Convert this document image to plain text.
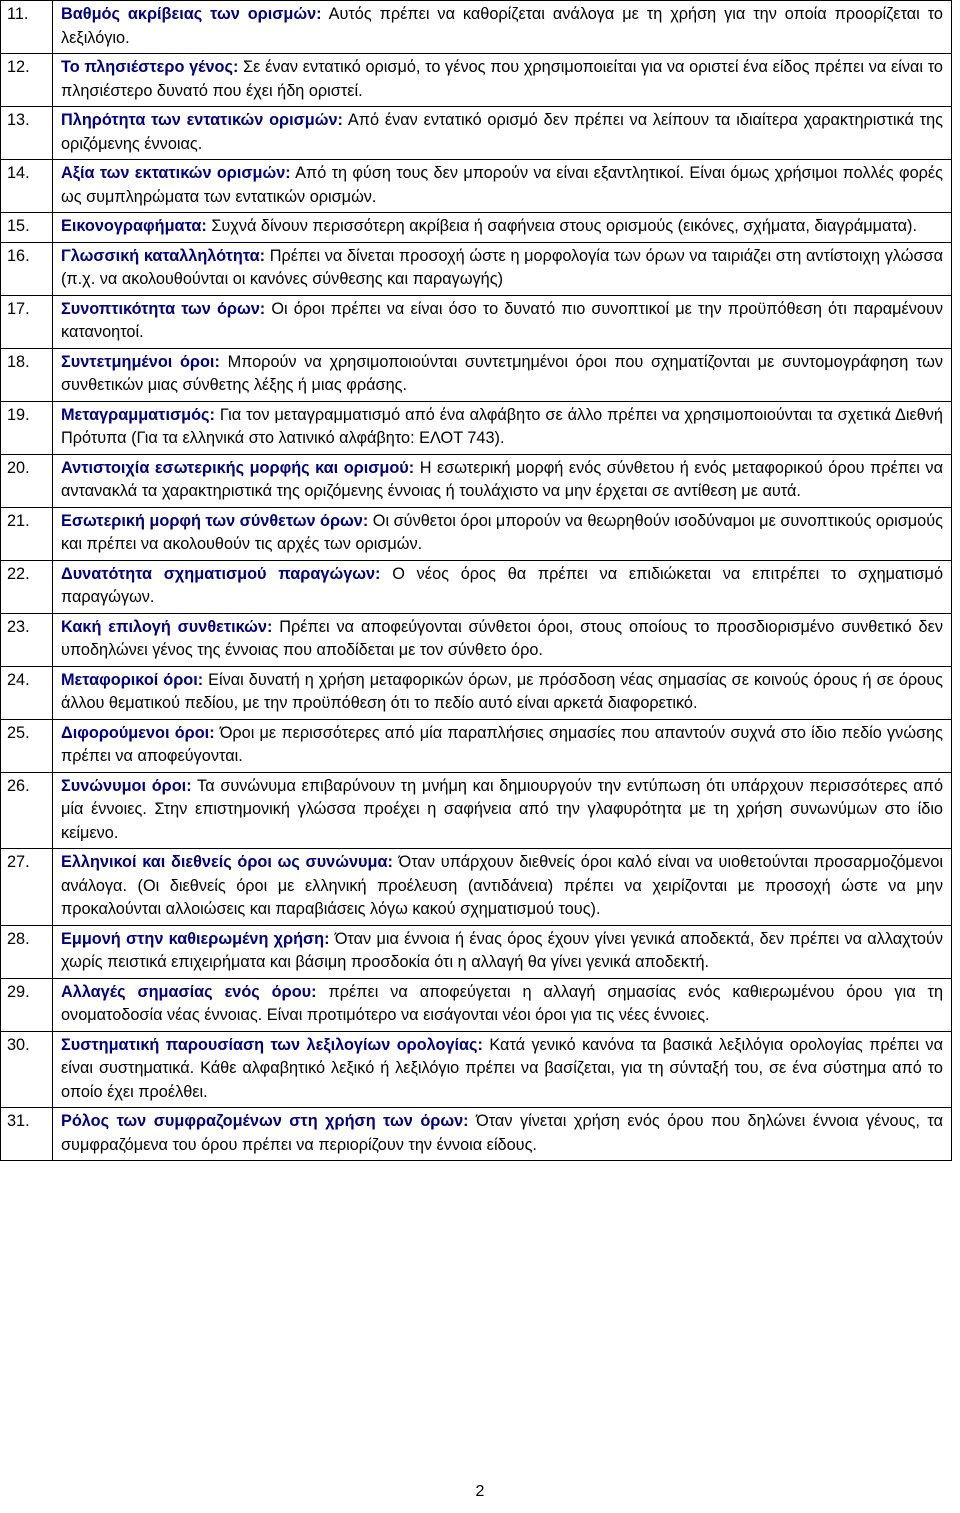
11.	Βαθμός ακρίβειας των ορισμών: Αυτός πρέπει να καθορίζεται ανάλογα με τη χρήση για την οποία προορίζεται το λεξιλόγιο.
12.	Το πλησιέστερο γένος: Σε έναν εντατικό ορισμό, το γένος που χρησιμοποιείται για να οριστεί ένα είδος πρέπει να είναι το πλησιέστερο δυνατό που έχει ήδη οριστεί.
13.	Πληρότητα των εντατικών ορισμών: Από έναν εντατικό ορισμό δεν πρέπει να λείπουν τα ιδιαίτερα χαρακτηριστικά της οριζόμενης έννοιας.
14.	Αξία των εκτατικών ορισμών: Από τη φύση τους δεν μπορούν να είναι εξαντλητικοί. Είναι όμως χρήσιμοι πολλές φορές ως συμπληρώματα των εντατικών ορισμών.
15.	Εικονογραφήματα: Συχνά δίνουν περισσότερη ακρίβεια ή σαφήνεια στους ορισμούς (εικόνες, σχήματα, διαγράμματα).
16.	Γλωσσική καταλληλότητα: Πρέπει να δίνεται προσοχή ώστε η μορφολογία των όρων να ταιριάζει στη αντίστοιχη γλώσσα (π.χ. να ακολουθούνται οι κανόνες σύνθεσης και παραγωγής)
17.	Συνοπτικότητα των όρων: Οι όροι πρέπει να είναι όσο το δυνατό πιο συνοπτικοί με την προϋπόθεση ότι παραμένουν κατανοητοί.
18.	Συντετμημένοι όροι: Μπορούν να χρησιμοποιούνται συντετμημένοι όροι που σχηματίζονται με συντομογράφηση των συνθετικών μιας σύνθετης λέξης ή μιας φράσης.
19.	Μεταγραμματισμός: Για τον μεταγραμματισμό από ένα αλφάβητο σε άλλο πρέπει να χρησιμοποιούνται τα σχετικά Διεθνή Πρότυπα (Για τα ελληνικά στο λατινικό αλφάβητο: ΕΛΟΤ 743).
20.	Αντιστοιχία εσωτερικής μορφής και ορισμού: Η εσωτερική μορφή ενός σύνθετου ή ενός μεταφορικού όρου πρέπει να αντανακλά τα χαρακτηριστικά της οριζόμενης έννοιας ή τουλάχιστο να μην έρχεται σε αντίθεση με αυτά.
21.	Εσωτερική μορφή των σύνθετων όρων: Οι σύνθετοι όροι μπορούν να θεωρηθούν ισοδύναμοι με συνοπτικούς ορισμούς και πρέπει να ακολουθούν τις αρχές των ορισμών.
22.	Δυνατότητα σχηματισμού παραγώγων: Ο νέος όρος θα πρέπει να επιδιώκεται να επιτρέπει το σχηματισμό παραγώγων.
23.	Κακή επιλογή συνθετικών: Πρέπει να αποφεύγονται σύνθετοι όροι, στους οποίους το προσδιορισμένο συνθετικό δεν υποδηλώνει γένος της έννοιας που αποδίδεται με τον σύνθετο όρο.
24.	Μεταφορικοί όροι: Είναι δυνατή η χρήση μεταφορικών όρων, με πρόσδοση νέας σημασίας σε κοινούς όρους ή σε όρους άλλου θεματικού πεδίου, με την προϋπόθεση ότι το πεδίο αυτό είναι αρκετά διαφορετικό.
25.	Διφορούμενοι όροι: Όροι με περισσότερες από μία παραπλήσιες σημασίες που απαντούν συχνά στο ίδιο πεδίο γνώσης πρέπει να αποφεύγονται.
26.	Συνώνυμοι όροι: Τα συνώνυμα επιβαρύνουν τη μνήμη και δημιουργούν την εντύπωση ότι υπάρχουν περισσότερες από μία έννοιες. Στην επιστημονική γλώσσα προέχει η σαφήνεια από την γλαφυρότητα με τη χρήση συνωνύμων στο ίδιο κείμενο.
27.	Ελληνικοί και διεθνείς όροι ως συνώνυμα: Όταν υπάρχουν διεθνείς όροι καλό είναι να υιοθετούνται προσαρμοζόμενοι ανάλογα. (Οι διεθνείς όροι με ελληνική προέλευση (αντιδάνεια) πρέπει να χειρίζονται με προσοχή ώστε να μην προκαλούνται αλλοιώσεις και παραβιάσεις λόγω κακού σχηματισμού τους).
28.	Εμμονή στην καθιερωμένη χρήση: Όταν μια έννοια ή ένας όρος έχουν γίνει γενικά αποδεκτά, δεν πρέπει να αλλαχτούν χωρίς πειστικά επιχειρήματα και βάσιμη προσδοκία ότι η αλλαγή θα γίνει γενικά αποδεκτή.
29.	Αλλαγές σημασίας ενός όρου: πρέπει να αποφεύγεται η αλλαγή σημασίας ενός καθιερωμένου όρου για τη ονοματοδοσία νέας έννοιας. Είναι προτιμότερο να εισάγονται νέοι όροι για τις νέες έννοιες.
30.	Συστηματική παρουσίαση των λεξιλογίων ορολογίας: Κατά γενικό κανόνα τα βασικά λεξιλόγια ορολογίας πρέπει να είναι συστηματικά. Κάθε αλφαβητικό λεξικό ή λεξιλόγιο πρέπει να βασίζεται, για τη σύνταξή του, σε ένα σύστημα από το οποίο έχει προέλθει.
31.	Ρόλος των συμφραζομένων στη χρήση των όρων: Όταν γίνεται χρήση ενός όρου που δηλώνει έννοια γένους, τα συμφραζόμενα του όρου πρέπει να περιορίζουν την έννοια είδους.
2
